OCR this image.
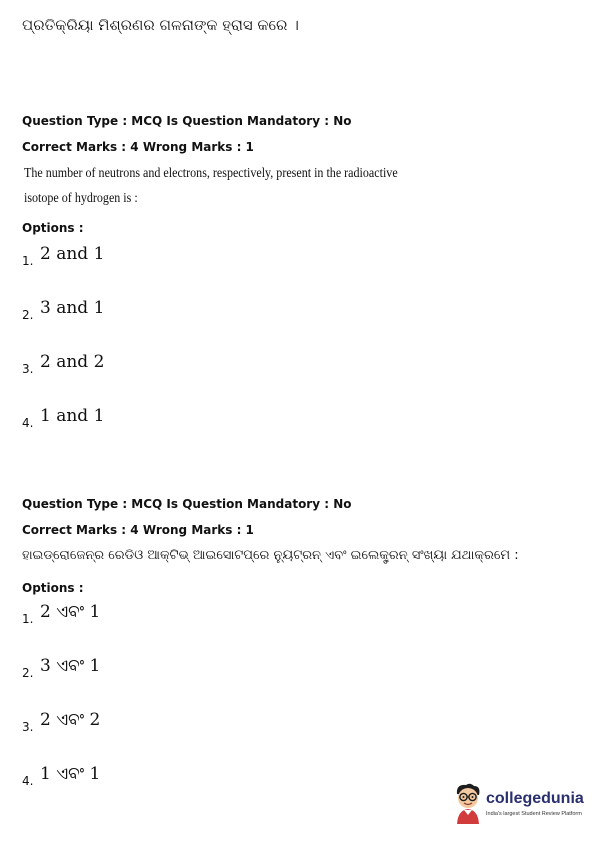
ପ୍ରତିକ୍ରିୟା ମିଶ୍ରଣର ଗଳନାଙ୍କ ହ୍ରାସ କରେ ।
Question Type : MCQ Is Question Mandatory : No
Correct Marks : 4 Wrong Marks : 1
The number of neutrons and electrons, respectively, present in the radioactive isotope of hydrogen is :
Options :
1. 2 and 1
2. 3 and 1
3. 2 and 2
4. 1 and 1
Question Type : MCQ Is Question Mandatory : No
Correct Marks : 4 Wrong Marks : 1
ହାଇଡ୍ରୋଜେନ୍ର ରେଡିଓ ଆକ୍ଟିଭ୍ ଆଇସୋଟପ୍ରେ ନ୍ୟୁଟ୍ରନ୍ ଏବଂ ଇଲେକ୍ଟ୍ରନ୍ ସଂଖ୍ୟା ଯଥାକ୍ରମେ :
Options :
1. 2 ଏବଂ 1
2. 3 ଏବଂ 1
3. 2 ଏବଂ 2
4. 1 ଏବଂ 1
collegedunia
India's largest Student Review Platform
